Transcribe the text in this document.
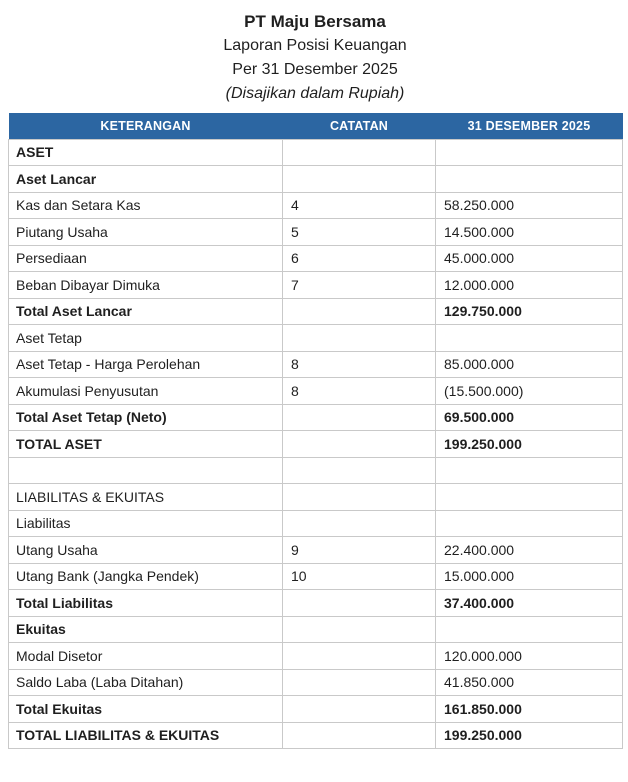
PT Maju Bersama
Laporan Posisi Keuangan
Per 31 Desember 2025
(Disajikan dalam Rupiah)
KETERANGAN	CATATAN	31 DESEMBER 2025
ASET		
Aset Lancar		
Kas dan Setara Kas	4	58.250.000
Piutang Usaha	5	14.500.000
Persediaan	6	45.000.000
Beban Dibayar Dimuka	7	12.000.000
Total Aset Lancar		129.750.000
Aset Tetap		
Aset Tetap - Harga Perolehan	8	85.000.000
Akumulasi Penyusutan	8	(15.500.000)
Total Aset Tetap (Neto)		69.500.000
TOTAL ASET		199.250.000

LIABILITAS & EKUITAS		
Liabilitas		
Utang Usaha	9	22.400.000
Utang Bank (Jangka Pendek)	10	15.000.000
Total Liabilitas		37.400.000
Ekuitas		
Modal Disetor		120.000.000
Saldo Laba (Laba Ditahan)		41.850.000
Total Ekuitas		161.850.000
TOTAL LIABILITAS & EKUITAS		199.250.000
